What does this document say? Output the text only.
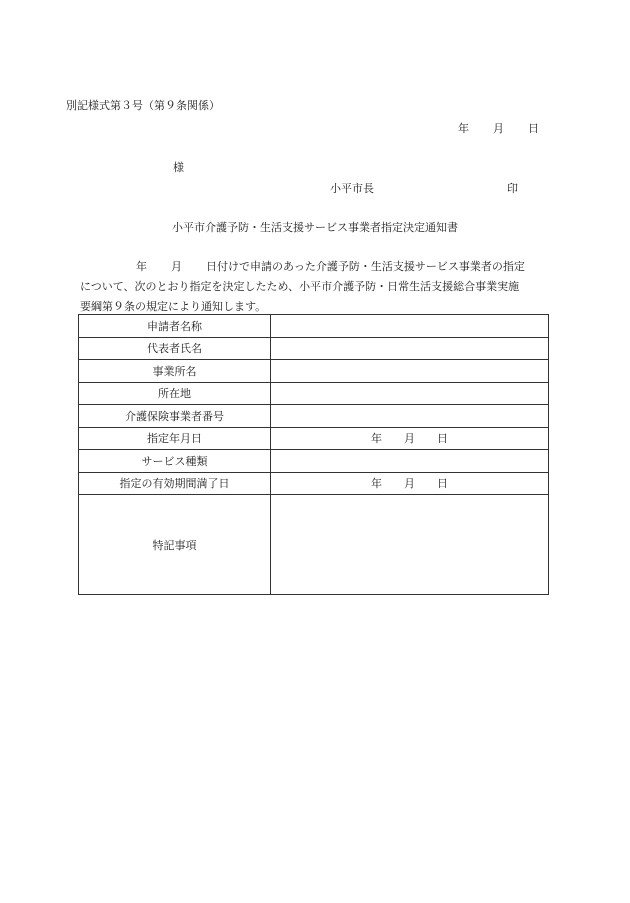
別記様式第３号（第９条関係）
年 月 日
様
小平市長	印
小平市介護予防・生活支援サービス事業者指定決定通知書
年 月 日付けで申請のあった介護予防・生活支援サービス事業者の指定
について、次のとおり指定を決定したため、小平市介護予防・日常生活支援総合事業実施
要綱第９条の規定により通知します。
申請者名称	
代表者氏名	
事業所名	
所在地	
介護保険事業者番号	
指定年月日	年 月 日
サービス種類	
指定の有効期間満了日	年 月 日
特記事項	
